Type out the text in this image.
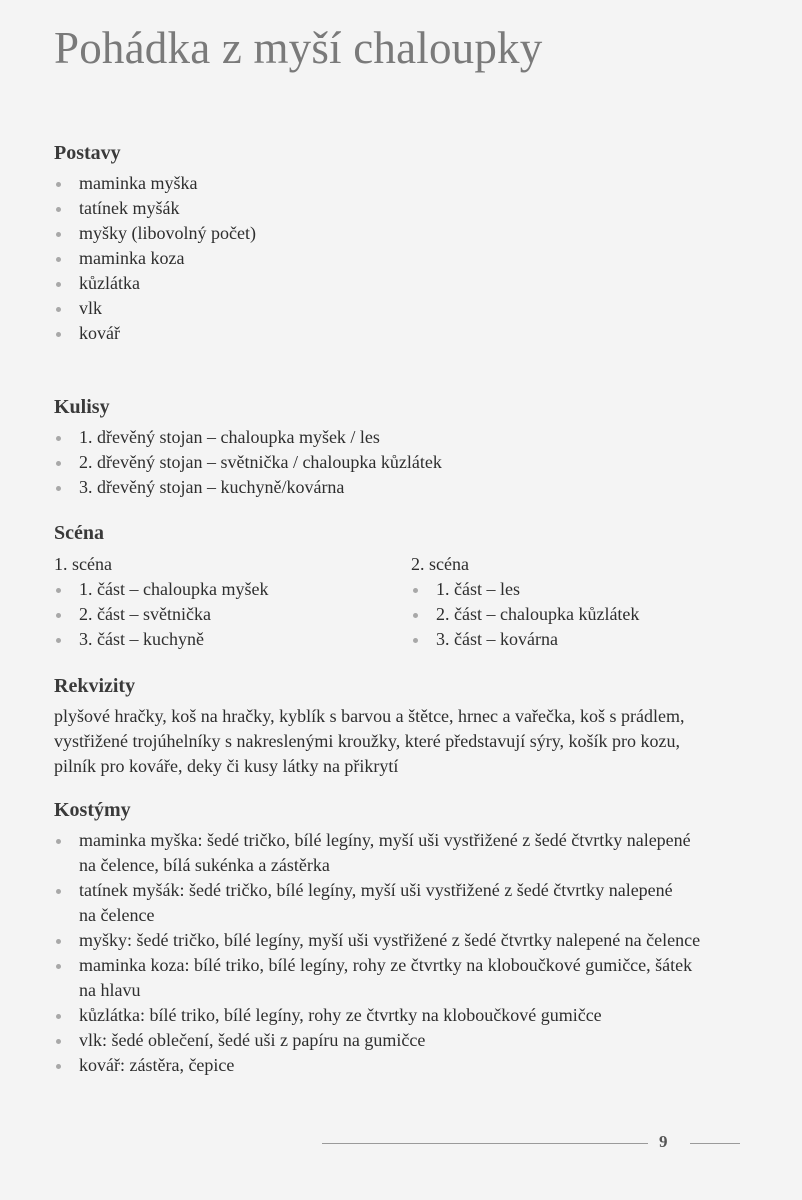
Pohádka z myší chaloupky
Postavy
maminka myška
tatínek myšák
myšky (libovolný počet)
maminka koza
kůzlátka
vlk
kovář
Kulisy
1. dřevěný stojan – chaloupka myšek / les
2. dřevěný stojan – světnička / chaloupka kůzlátek
3. dřevěný stojan – kuchyně/kovárna
Scéna
1. scéna
1. část – chaloupka myšek
2. část – světnička
3. část – kuchyně
2. scéna
1. část – les
2. část – chaloupka kůzlátek
3. část – kovárna
Rekvizity

plyšové hračky, koš na hračky, kyblík s barvou a štětce, hrnec a vařečka, koš s prádlem,

vystřižené trojúhelníky s nakreslenými kroužky, které představují sýry, košík pro kozu,

pilník pro kováře, deky či kusy látky na přikrytí

Kostýmy
maminka myška: šedé tričko, bílé legíny, myší uši vystřižené z šedé čtvrtky nalepené
na čelence, bílá sukénka a zástěrka
tatínek myšák: šedé tričko, bílé legíny, myší uši vystřižené z šedé čtvrtky nalepené
na čelence
myšky: šedé tričko, bílé legíny, myší uši vystřižené z šedé čtvrtky nalepené na čelence
maminka koza: bílé triko, bílé legíny, rohy ze čtvrtky na kloboučkové gumičce, šátek
na hlavu
kůzlátka: bílé triko, bílé legíny, rohy ze čtvrtky na kloboučkové gumičce
vlk: šedé oblečení, šedé uši z papíru na gumičce
kovář: zástěra, čepice
9
